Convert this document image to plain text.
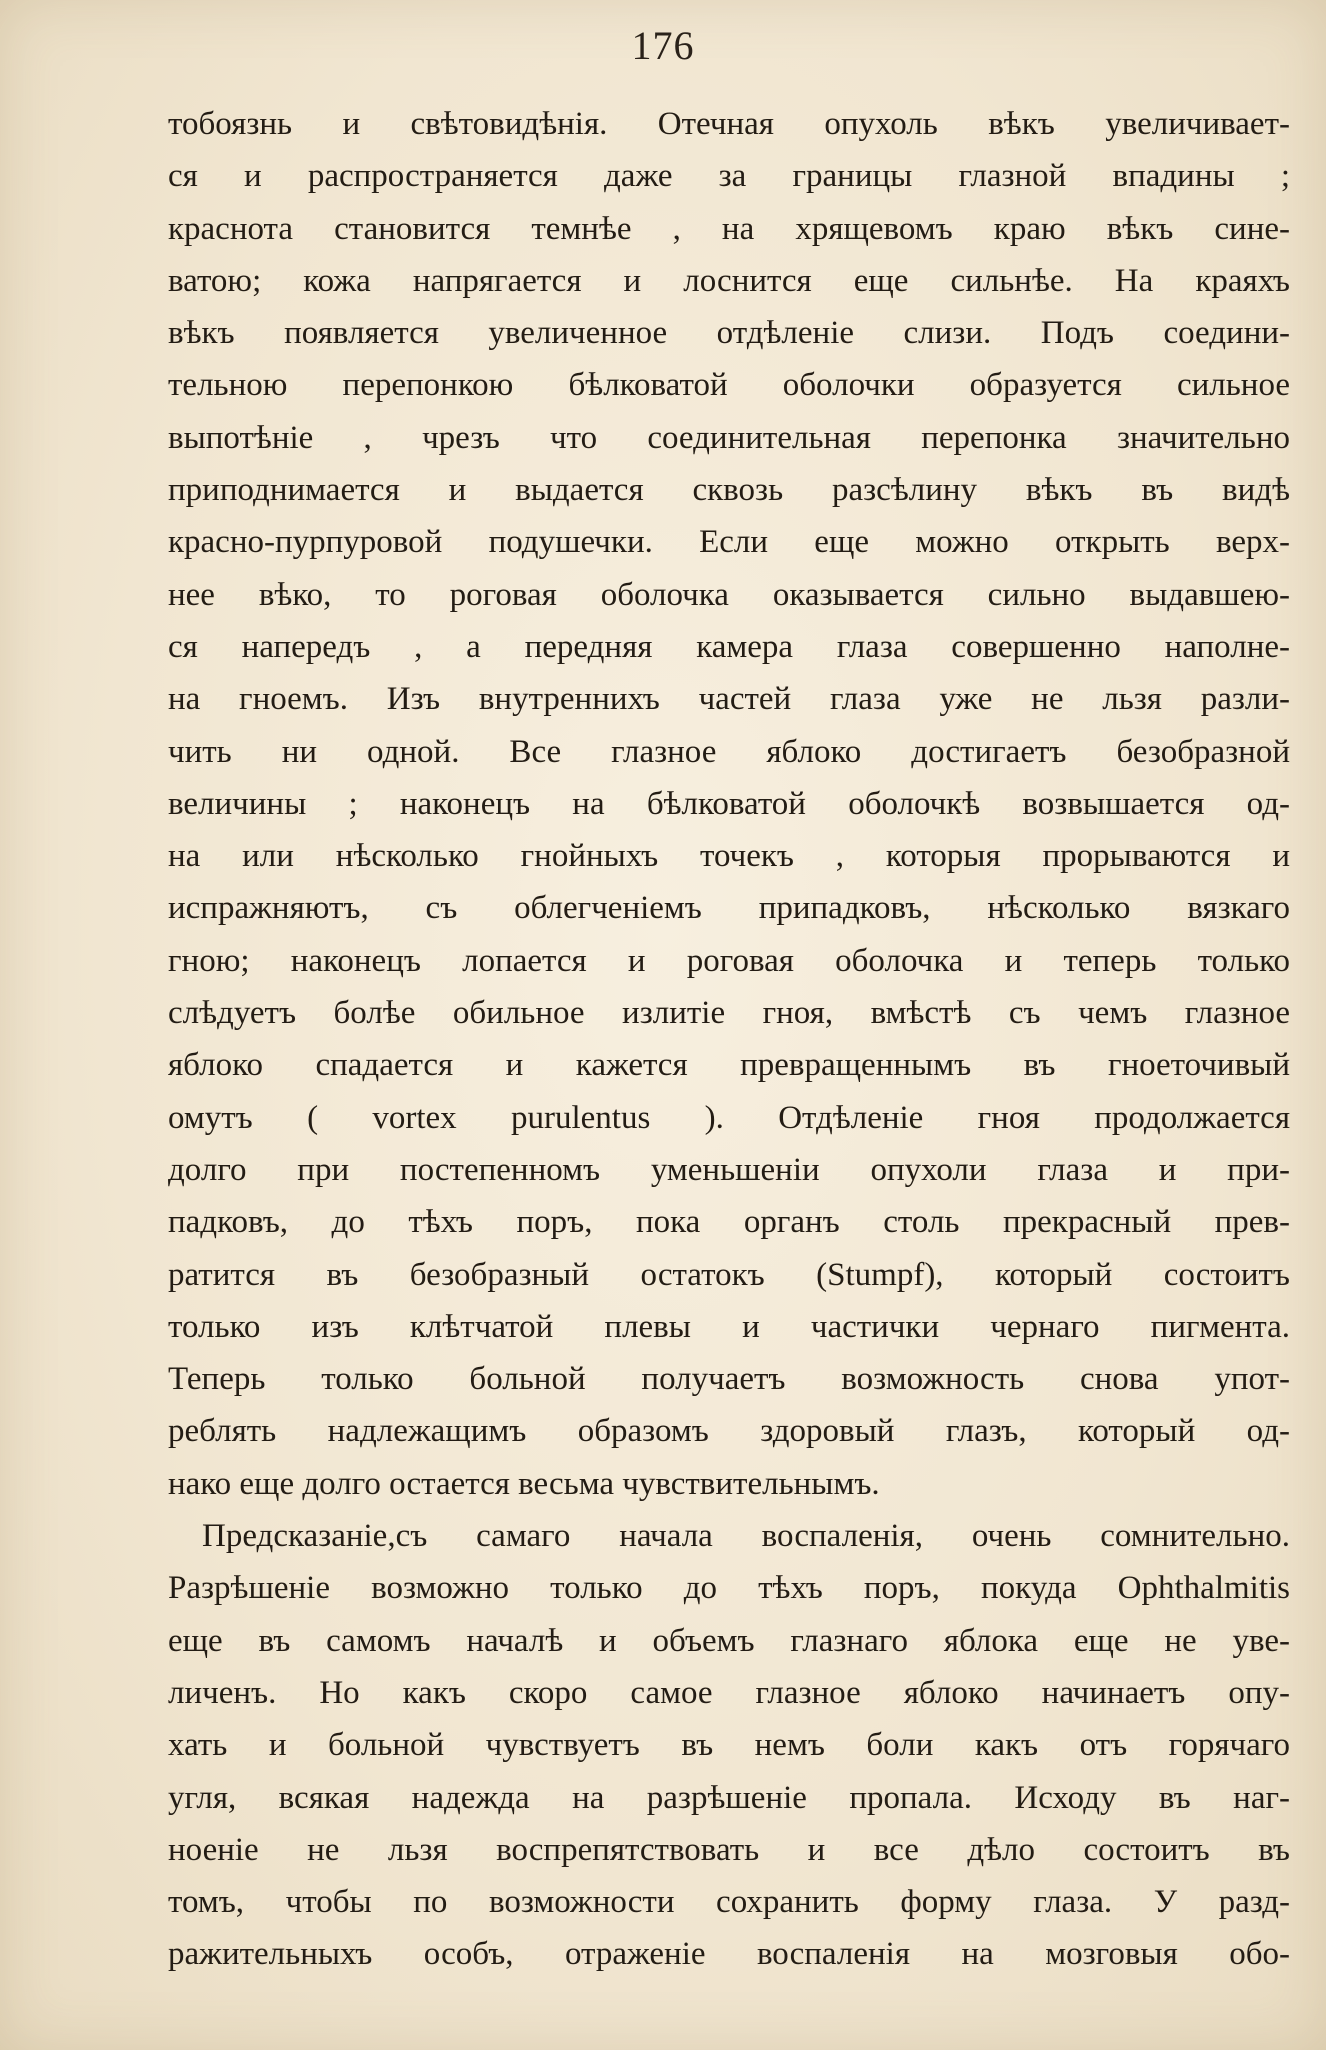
176
тобоязнь и свѣтовидѣнія. Отечная опухоль вѣкъ увеличивает-
ся и распространяется даже за границы глазной впадины ;
краснота становится темнѣе , на хрящевомъ краю вѣкъ сине-
ватою; кожа напрягается и лоснится еще сильнѣе. На краяхъ
вѣкъ появляется увеличенное отдѣленіе слизи. Подъ соедини-
тельною перепонкою бѣлковатой оболочки образуется сильное
выпотѣніе , чрезъ что соединительная перепонка значительно
приподнимается и выдается сквозь разсѣлину вѣкъ въ видѣ
красно-пурпуровой подушечки. Если еще можно открыть верх-
нее вѣко, то роговая оболочка оказывается сильно выдавшею-
ся напередъ , а передняя камера глаза совершенно наполне-
на гноемъ. Изъ внутреннихъ частей глаза уже не льзя разли-
чить ни одной. Все глазное яблоко достигаетъ безобразной
величины ; наконецъ на бѣлковатой оболочкѣ возвышается од-
на или нѣсколько гнойныхъ точекъ , которыя прорываются и
испражняютъ, съ облегченіемъ припадковъ, нѣсколько вязкаго
гною; наконецъ лопается и роговая оболочка и теперь только
слѣдуетъ болѣе обильное излитіе гноя, вмѣстѣ съ чемъ глазное
яблоко спадается и кажется превращеннымъ въ гноеточивый
омутъ ( vortex purulentus ). Отдѣленіе гноя продолжается
долго при постепенномъ уменьшеніи опухоли глаза и при-
падковъ, до тѣхъ поръ, пока органъ столь прекрасный прев-
ратится въ безобразный остатокъ (Stumpf), который состоитъ
только изъ клѣтчатой плевы и частички чернаго пигмента.
Теперь только больной получаетъ возможность снова упот-
реблять надлежащимъ образомъ здоровый глазъ, который од-
нако еще долго остается весьма чувствительнымъ.
Предсказаніе,съ самаго начала воспаленія, очень сомнительно.
Разрѣшеніе возможно только до тѣхъ поръ, покуда Ophthalmitis
еще въ самомъ началѣ и объемъ глазнаго яблока еще не уве-
личенъ. Но какъ скоро самое глазное яблоко начинаетъ опу-
хать и больной чувствуетъ въ немъ боли какъ отъ горячаго
угля, всякая надежда на разрѣшеніе пропала. Исходу въ наг-
ноеніе не льзя воспрепятствовать и все дѣло состоитъ въ
томъ, чтобы по возможности сохранить форму глаза. У разд-
ражительныхъ особъ, отраженіе воспаленія на мозговыя обо-
